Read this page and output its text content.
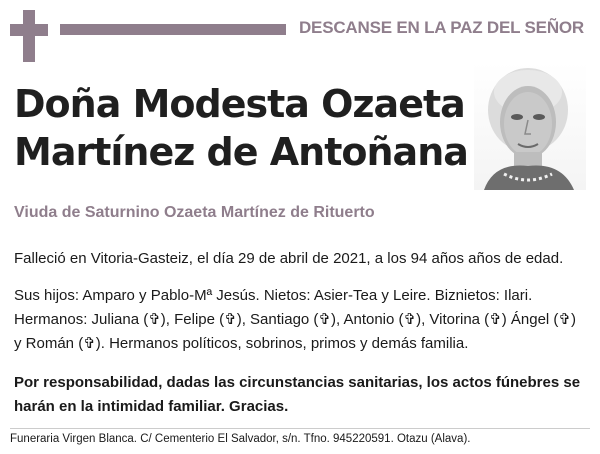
DESCANSE EN LA PAZ DEL SEÑOR
Doña Modesta Ozaeta
Martínez de Antoñana
Viuda de Saturnino Ozaeta Martínez de Rituerto
Falleció en Vitoria-Gasteiz, el día 29 de abril de 2021, a los 94 años años de edad.
Sus hijos: Amparo y Pablo-Mª Jesús. Nietos: Asier-Tea y Leire. Biznietos: Ilari. Hermanos: Juliana (✞), Felipe (✞), Santiago (✞), Antonio (✞), Vitorina (✞) Ángel (✞) y Román (✞). Hermanos políticos, sobrinos, primos y demás familia.
Por responsabilidad, dadas las circunstancias sanitarias, los actos fúnebres se harán en la intimidad familiar. Gracias.
Funeraria Virgen Blanca. C/ Cementerio El Salvador, s/n. Tfno. 945220591. Otazu (Alava).
